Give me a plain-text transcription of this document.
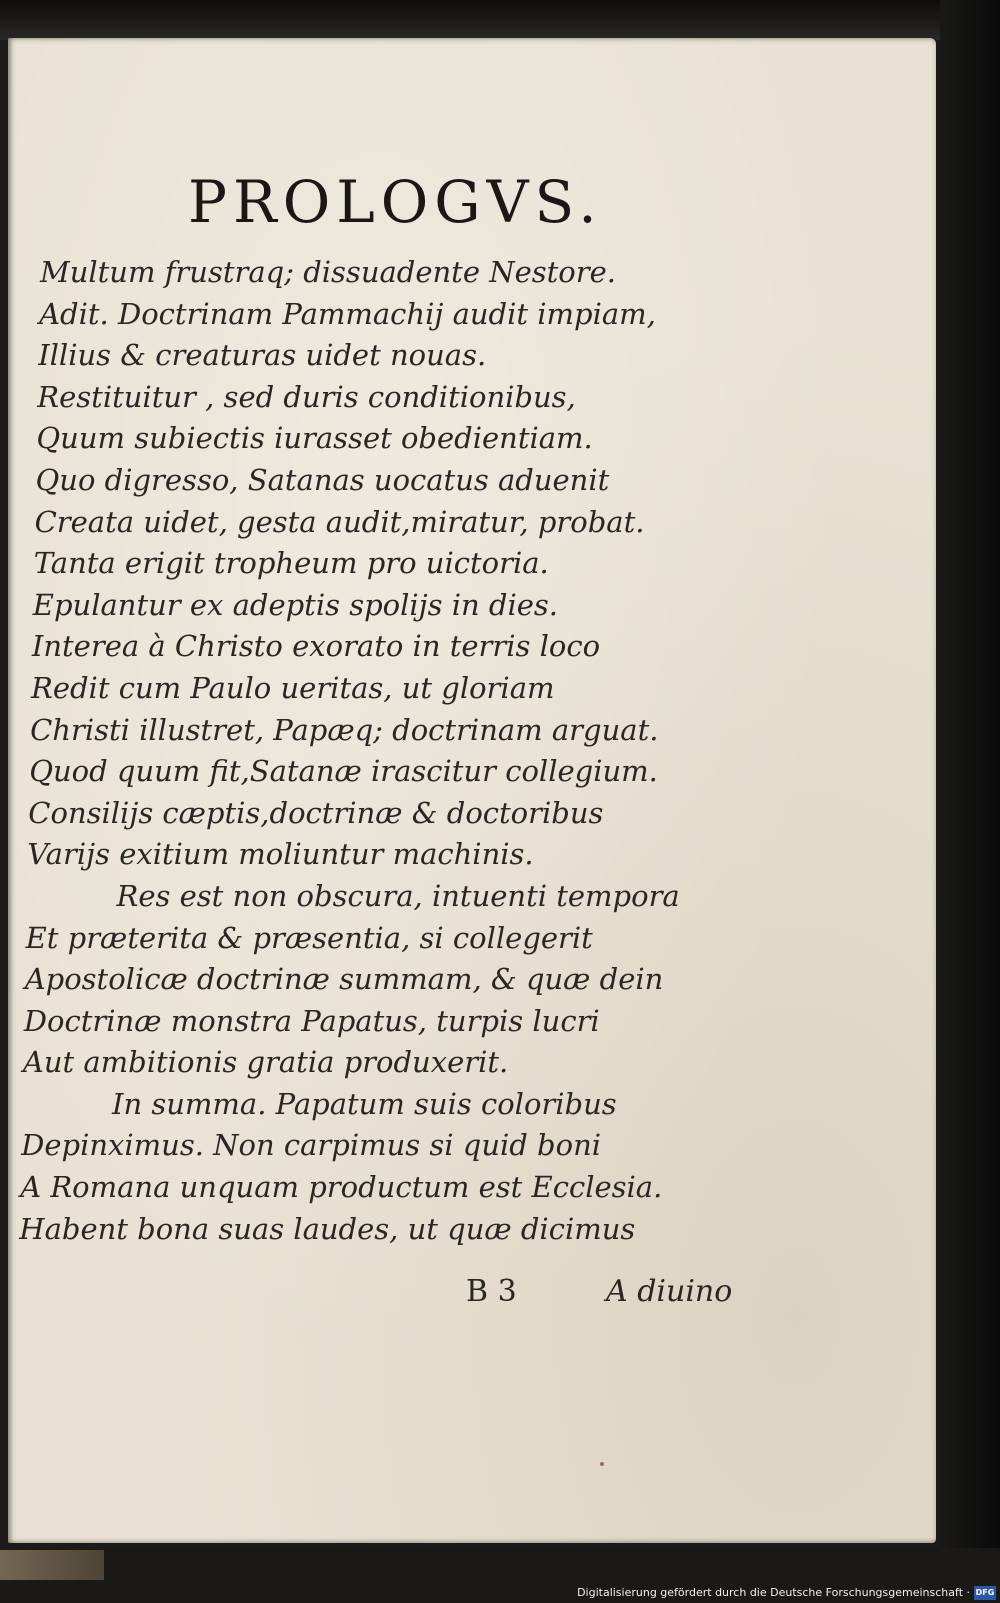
PROLOGVS.
Multum frustraq; dissuadente Nestore.
Adit. Doctrinam Pammachij audit impiam,
Illius & creaturas uidet nouas.
Restituitur , sed duris conditionibus,
Quum subiectis iurasset obedientiam.
Quo digresso, Satanas uocatus aduenit
Creata uidet, gesta audit,miratur, probat.
Tanta erigit tropheum pro uictoria.
Epulantur ex adeptis spolijs in dies.
Interea à Christo exorato in terris loco
Redit cum Paulo ueritas, ut gloriam
Christi illustret, Papæq; doctrinam arguat.
Quod quum fit,Satanæ irascitur collegium.
Consilijs cæptis,doctrinæ & doctoribus
Varijs exitium moliuntur machinis.
Res est non obscura, intuenti tempora
Et præterita & præsentia, si collegerit
Apostolicæ doctrinæ summam, & quæ dein
Doctrinæ monstra Papatus, turpis lucri
Aut ambitionis gratia produxerit.
In summa. Papatum suis coloribus
Depinximus. Non carpimus si quid boni
A Romana unquam productum est Ecclesia.
Habent bona suas laudes, ut quæ dicimus
B 3	A diuino
Digitalisierung gefördert durch die Deutsche Forschungsgemeinschaft · DFG
